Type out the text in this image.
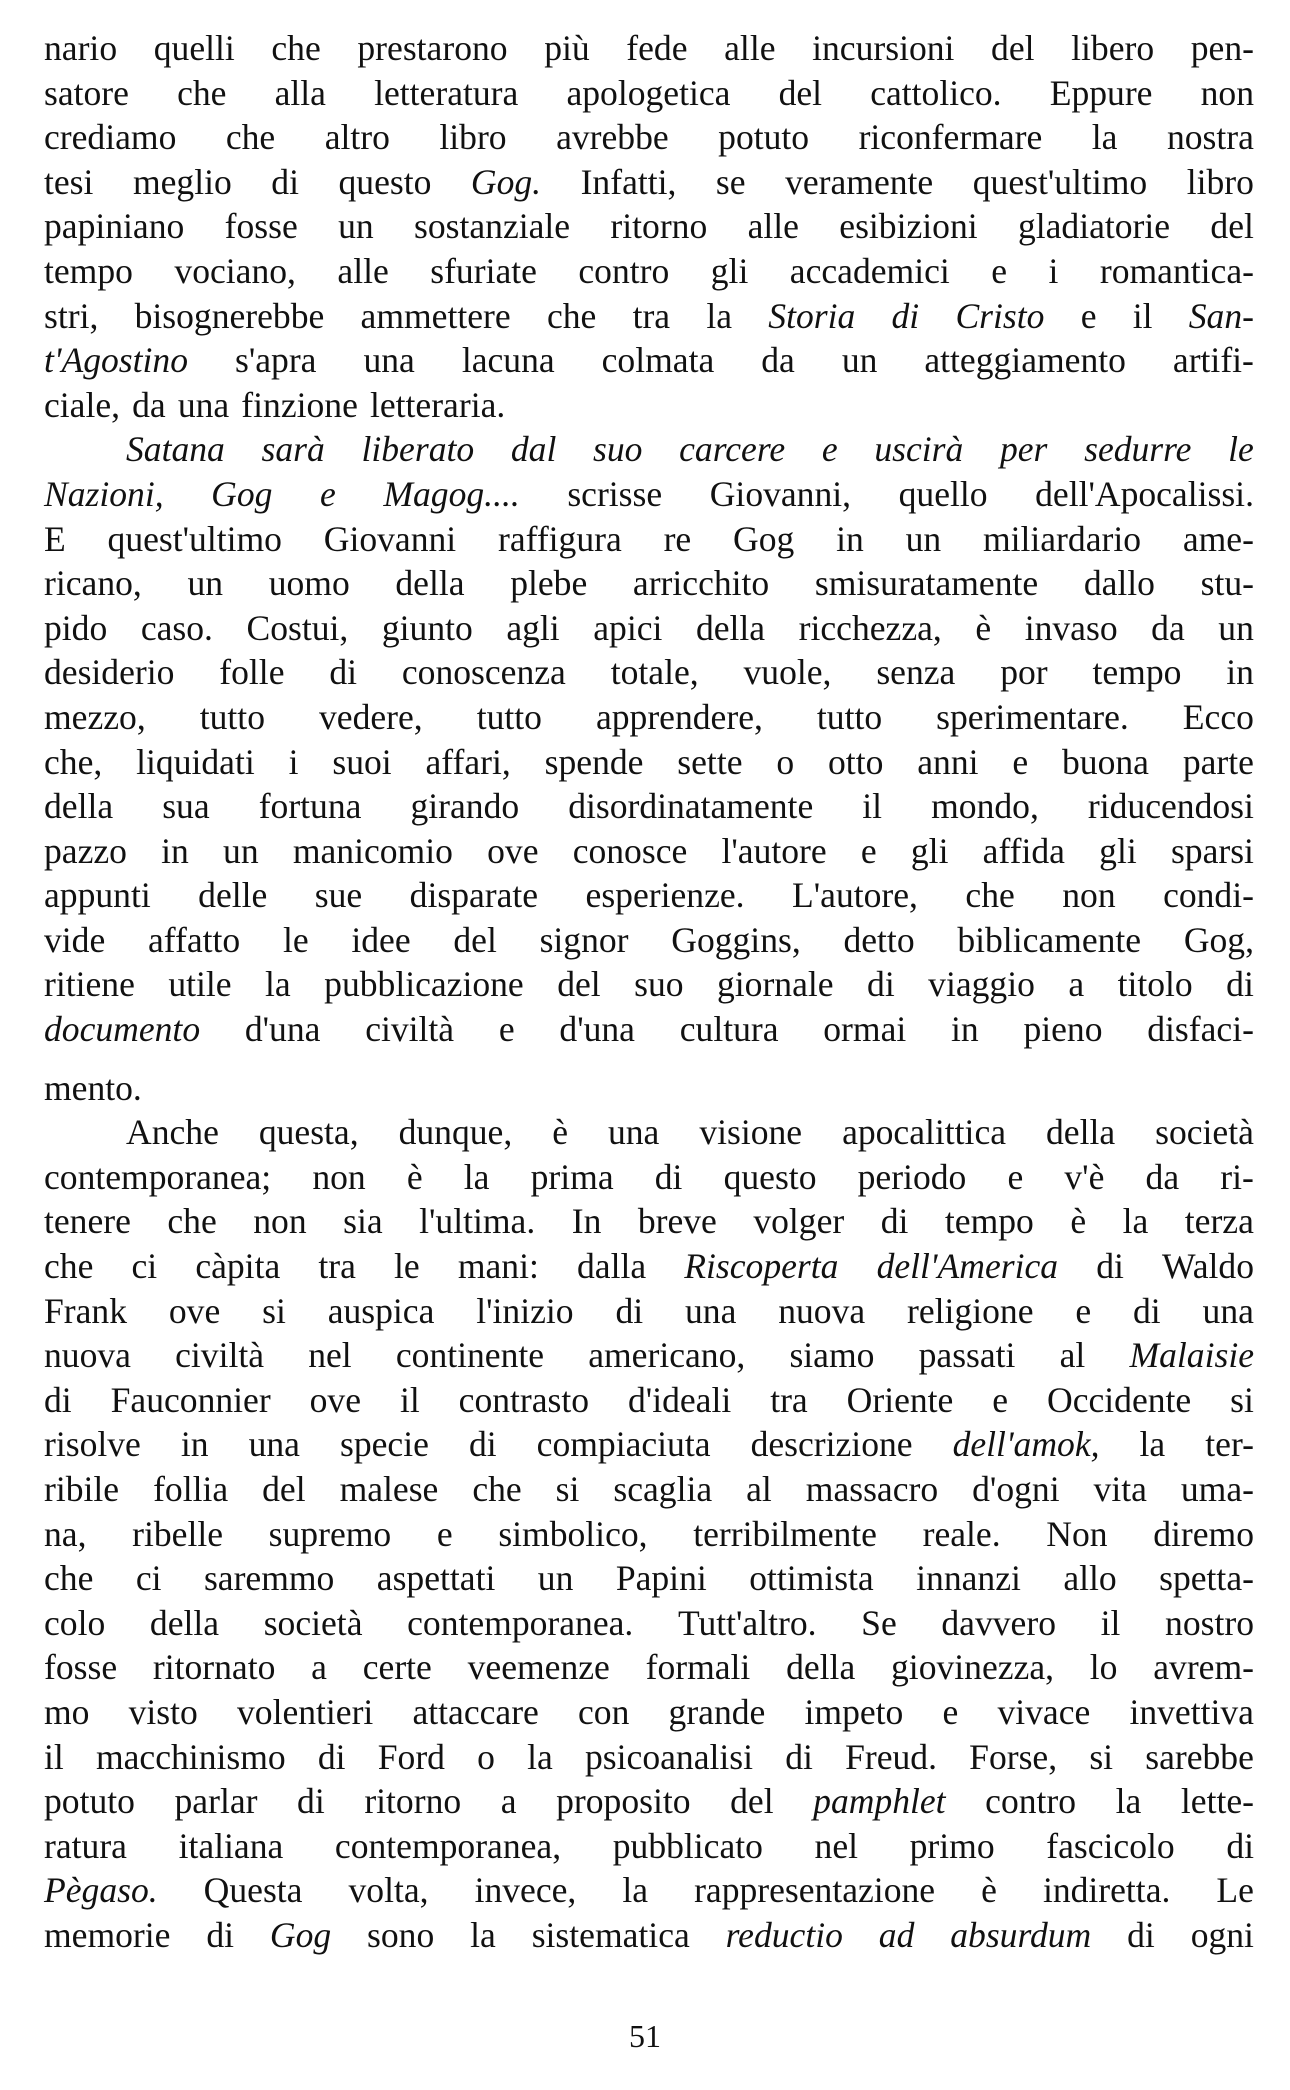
nario quelli che prestarono più fede alle incursioni del libero pen-
satore che alla letteratura apologetica del cattolico. Eppure non
crediamo che altro libro avrebbe potuto riconfermare la nostra
tesi meglio di questo Gog. Infatti, se veramente quest'ultimo libro
papiniano fosse un sostanziale ritorno alle esibizioni gladiatorie del
tempo vociano, alle sfuriate contro gli accademici e i romantica-
stri, bisognerebbe ammettere che tra la Storia di Cristo e il San-
t'Agostino s'apra una lacuna colmata da un atteggiamento artifi-
ciale, da una finzione letteraria.
Satana sarà liberato dal suo carcere e uscirà per sedurre le
Nazioni, Gog e Magog.... scrisse Giovanni, quello dell'Apocalissi.
E quest'ultimo Giovanni raffigura re Gog in un miliardario ame-
ricano, un uomo della plebe arricchito smisuratamente dallo stu-
pido caso. Costui, giunto agli apici della ricchezza, è invaso da un
desiderio folle di conoscenza totale, vuole, senza por tempo in
mezzo, tutto vedere, tutto apprendere, tutto sperimentare. Ecco
che, liquidati i suoi affari, spende sette o otto anni e buona parte
della sua fortuna girando disordinatamente il mondo, riducendosi
pazzo in un manicomio ove conosce l'autore e gli affida gli sparsi
appunti delle sue disparate esperienze. L'autore, che non condi-
vide affatto le idee del signor Goggins, detto biblicamente Gog,
ritiene utile la pubblicazione del suo giornale di viaggio a titolo di
documento d'una civiltà e d'una cultura ormai in pieno disfaci-
mento.
Anche questa, dunque, è una visione apocalittica della società
contemporanea; non è la prima di questo periodo e v'è da ri-
tenere che non sia l'ultima. In breve volger di tempo è la terza
che ci càpita tra le mani: dalla Riscoperta dell'America di Waldo
Frank ove si auspica l'inizio di una nuova religione e di una
nuova civiltà nel continente americano, siamo passati al Malaisie
di Fauconnier ove il contrasto d'ideali tra Oriente e Occidente si
risolve in una specie di compiaciuta descrizione dell'amok, la ter-
ribile follia del malese che si scaglia al massacro d'ogni vita uma-
na, ribelle supremo e simbolico, terribilmente reale. Non diremo
che ci saremmo aspettati un Papini ottimista innanzi allo spetta-
colo della società contemporanea. Tutt'altro. Se davvero il nostro
fosse ritornato a certe veemenze formali della giovinezza, lo avrem-
mo visto volentieri attaccare con grande impeto e vivace invettiva
il macchinismo di Ford o la psicoanalisi di Freud. Forse, si sarebbe
potuto parlar di ritorno a proposito del pamphlet contro la lette-
ratura italiana contemporanea, pubblicato nel primo fascicolo di
Pègaso. Questa volta, invece, la rappresentazione è indiretta. Le
memorie di Gog sono la sistematica reductio ad absurdum di ogni
51
